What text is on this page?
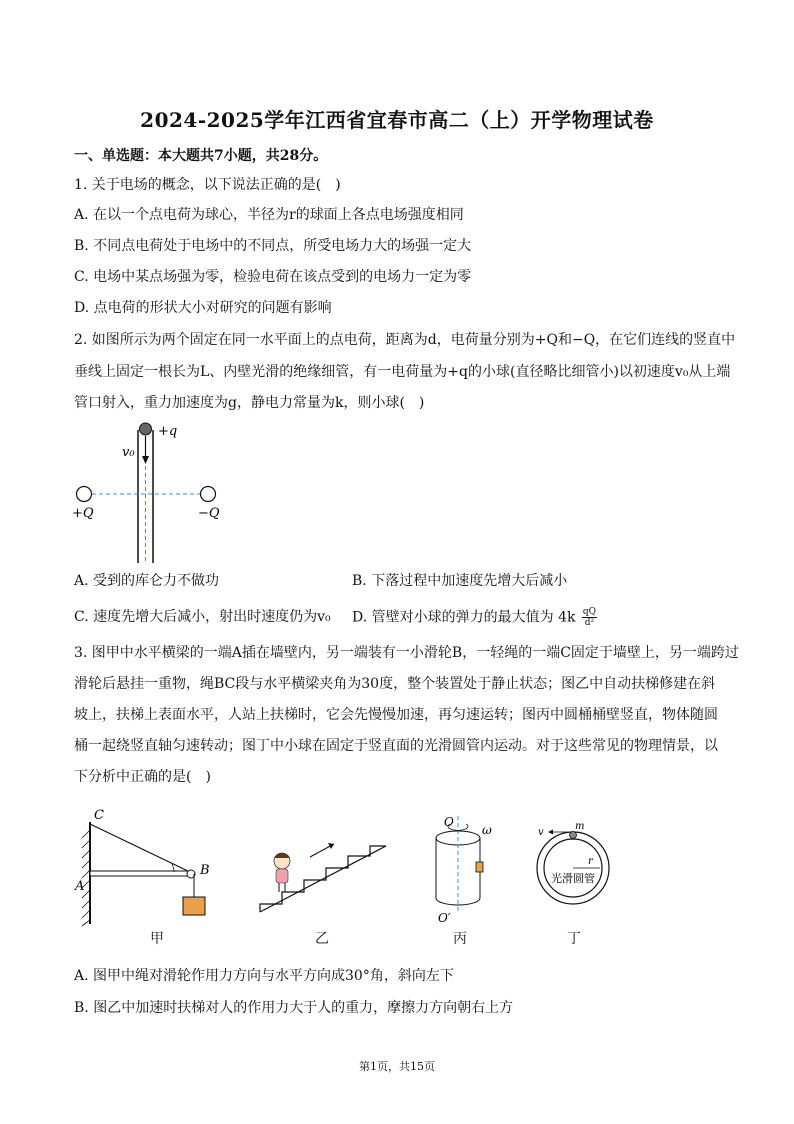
2024-2025学年江西省宜春市高二（上）开学物理试卷
一、单选题：本大题共7小题，共28分。
1. 关于电场的概念，以下说法正确的是(　)
A. 在以一个点电荷为球心，半径为r的球面上各点电场强度相同
B. 不同点电荷处于电场中的不同点，所受电场力大的场强一定大
C. 电场中某点场强为零，检验电荷在该点受到的电场力一定为零
D. 点电荷的形状大小对研究的问题有影响
2. 如图所示为两个固定在同一水平面上的点电荷，距离为d，电荷量分别为+Q和−Q，在它们连线的竖直中
垂线上固定一根长为L、内壁光滑的绝缘细管，有一电荷量为+q的小球(直径略比细管小)以初速度v₀从上端
管口射入，重力加速度为g，静电力常量为k，则小球(　)
+q
v₀
+Q	−Q
A. 受到的库仑力不做功	B. 下落过程中加速度先增大后减小
C. 速度先增大后减小，射出时速度仍为v₀ D. 管壁对小球的弹力的最大值为 $4k \frac{qQ}{\text{d²}}$
3. 图甲中水平横梁的一端A插在墙壁内，另一端装有一小滑轮B，一轻绳的一端C固定于墙壁上，另一端跨过
滑轮后悬挂一重物，绳BC段与水平横梁夹角为30度，整个装置处于静止状态；图乙中自动扶梯修建在斜
坡上，扶梯上表面水平，人站上扶梯时，它会先慢慢加速，再匀速运转；图丙中圆桶桶壁竖直，物体随圆
桶一起绕竖直轴匀速转动；图丁中小球在固定于竖直面的光滑圆管内运动。对于这些常见的物理情景，以
下分析中正确的是(　)
C
A
B
O
ω
O′
m
v
r
光滑圆管
甲	乙	丙	丁
A. 图甲中绳对滑轮作用力方向与水平方向成30°角，斜向左下
B. 图乙中加速时扶梯对人的作用力大于人的重力，摩擦力方向朝右上方
第1页，共15页
